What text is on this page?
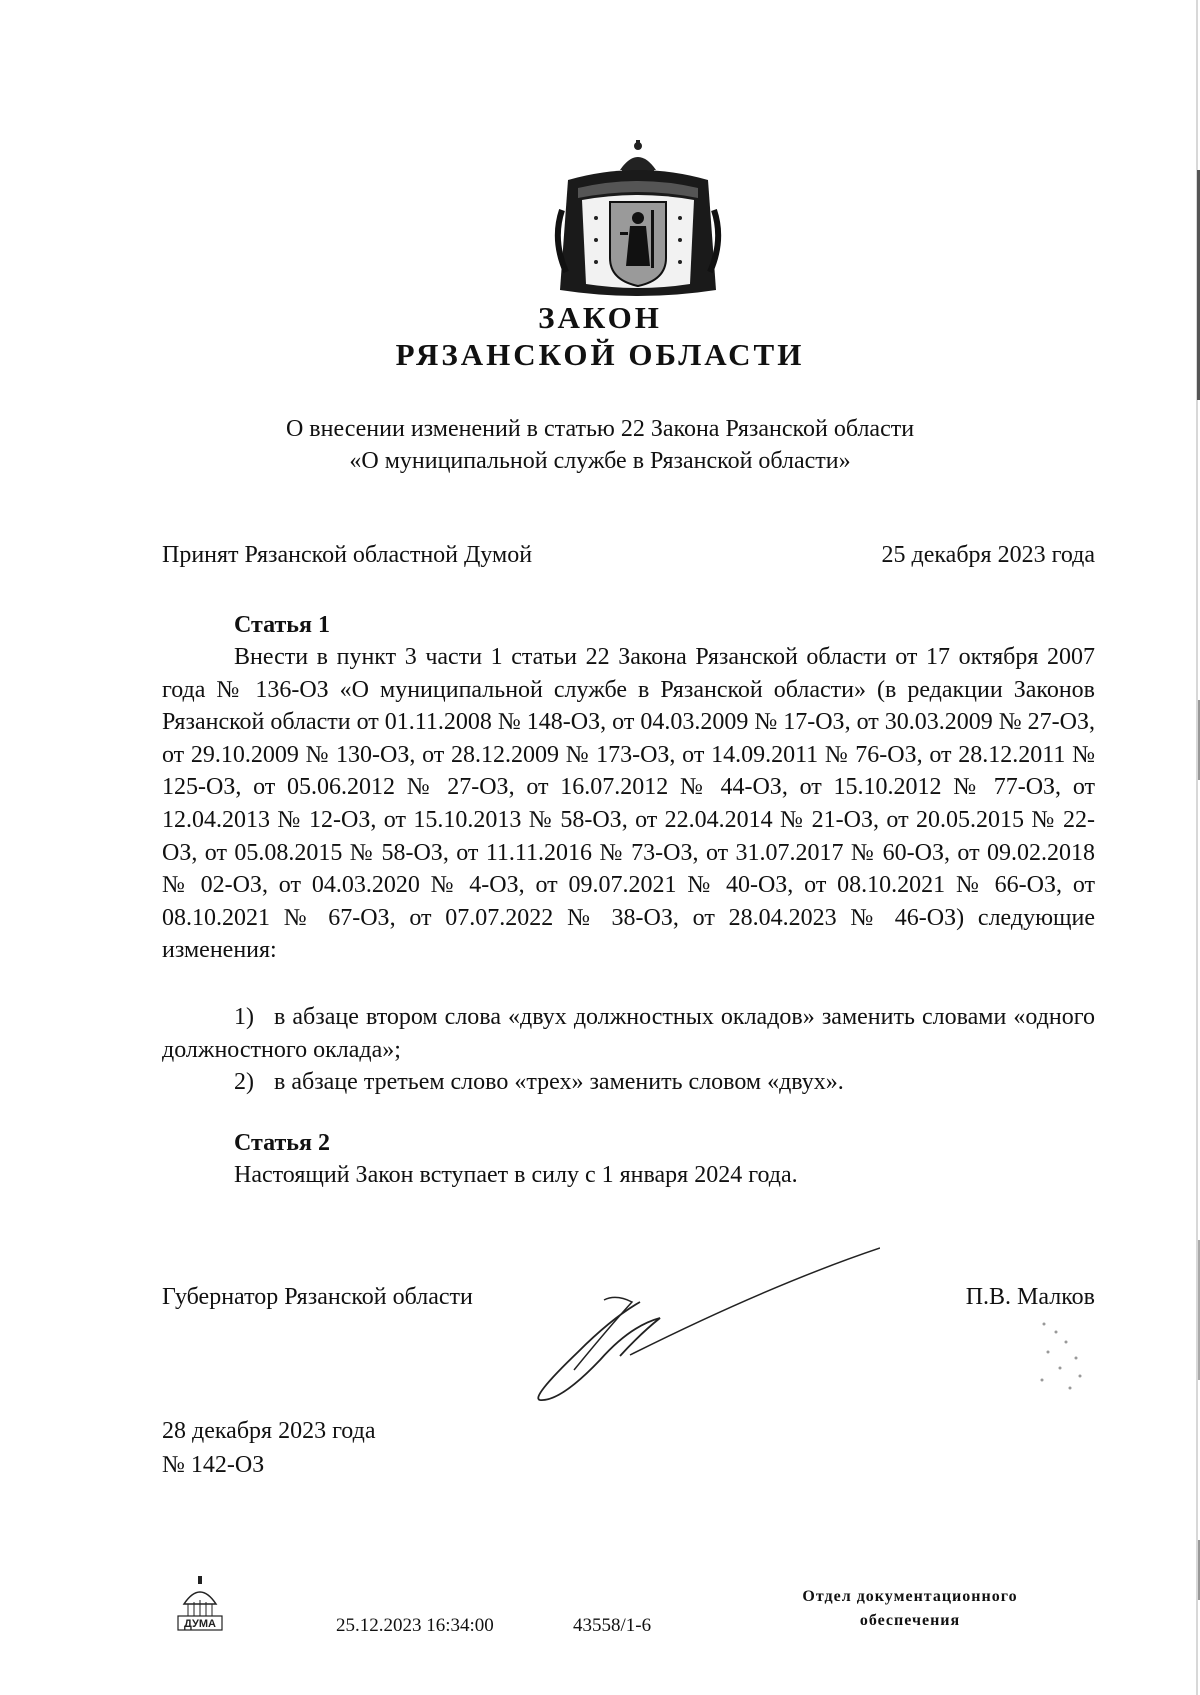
ЗАКОН
РЯЗАНСКОЙ ОБЛАСТИ
О внесении изменений в статью 22 Закона Рязанской области
«О муниципальной службе в Рязанской области»
Принят Рязанской областной Думой	25 декабря 2023 года
Статья 1

Внести в пункт 3 части 1 статьи 22 Закона Рязанской области от 17 октября 2007 года № 136-ОЗ «О муниципальной службе в Рязанской области» (в редакции Законов Рязанской области от 01.11.2008 № 148-ОЗ, от 04.03.2009 № 17-ОЗ, от 30.03.2009 № 27-ОЗ, от 29.10.2009 № 130-ОЗ, от 28.12.2009 № 173-ОЗ, от 14.09.2011 № 76-ОЗ, от 28.12.2011 № 125-ОЗ, от 05.06.2012 № 27-ОЗ, от 16.07.2012 № 44-ОЗ, от 15.10.2012 № 77-ОЗ, от 12.04.2013 № 12-ОЗ, от 15.10.2013 № 58-ОЗ, от 22.04.2014 № 21-ОЗ, от 20.05.2015 № 22-ОЗ, от 05.08.2015 № 58-ОЗ, от 11.11.2016 № 73-ОЗ, от 31.07.2017 № 60-ОЗ, от 09.02.2018 № 02-ОЗ, от 04.03.2020 № 4-ОЗ, от 09.07.2021 № 40-ОЗ, от 08.10.2021 № 66-ОЗ, от 08.10.2021 № 67-ОЗ, от 07.07.2022 № 38-ОЗ, от 28.04.2023 № 46-ОЗ) следующие изменения:

1) в абзаце втором слова «двух должностных окладов» заменить словами «одного должностного оклада»;

2) в абзаце третьем слово «трех» заменить словом «двух».

Статья 2
Настоящий Закон вступает в силу с 1 января 2024 года.
Губернатор Рязанской области	П.В. Малков
28 декабря 2023 года
№ 142-ОЗ
ДУМА	25.12.2023 16:34:00	43558/1-6
Отдел документационного
обеспечения
